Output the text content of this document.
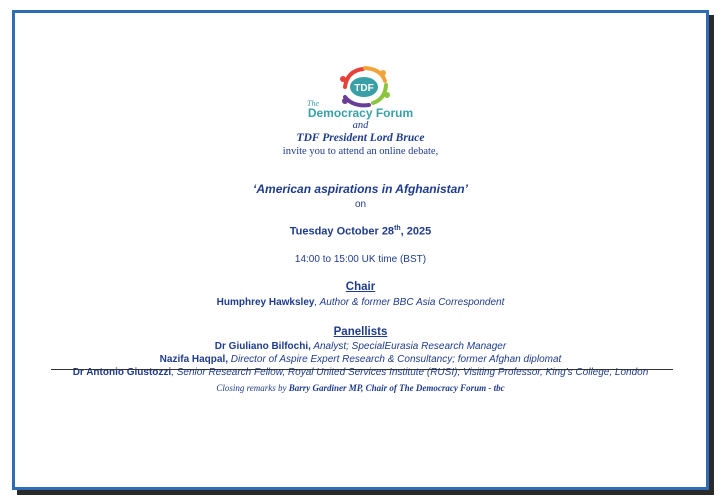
TDF
The
Democracy Forum
and
TDF President Lord Bruce
invite you to attend an online debate,
‘American aspirations in Afghanistan’
on
Tuesday October 28th, 2025
14:00 to 15:00 UK time (BST)
Chair
Humphrey Hawksley, Author & former BBC Asia Correspondent
Panellists
Dr Giuliano Bilfochi, Analyst; SpecialEurasia Research Manager
Nazifa Haqpal, Director of Aspire Expert Research & Consultancy; former Afghan diplomat
Dr Antonio Giustozzi, Senior Research Fellow, Royal United Services Institute (RUSI); Visiting Professor, King’s College, London
Closing remarks by Barry Gardiner MP, Chair of The Democracy Forum - tbc
